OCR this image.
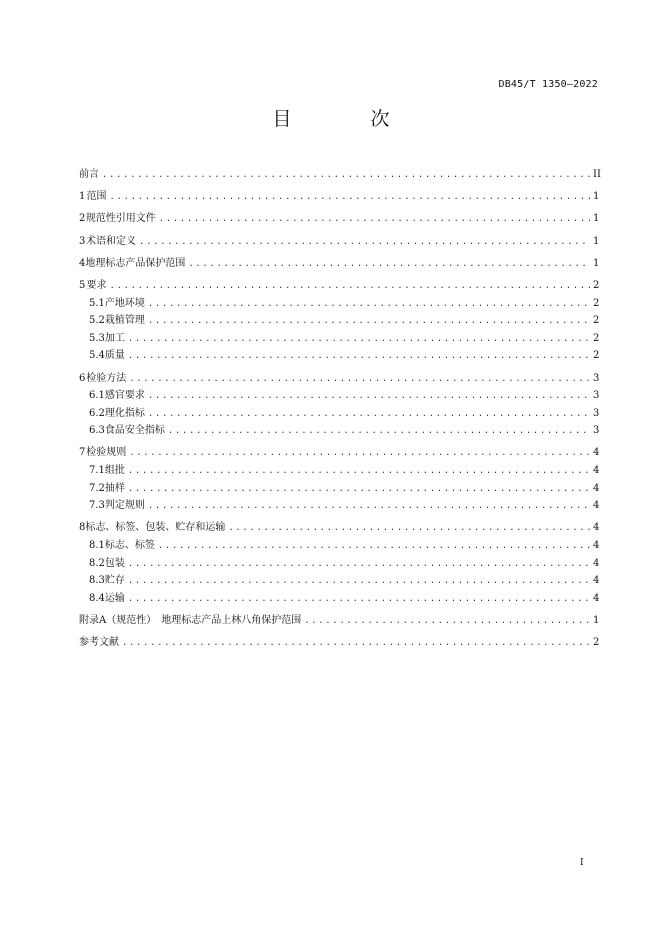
DB45/T 1350—2022
目　次
前言 .....	II
1 范围 .....	1
2 规范性引用文件 .....	1
3 术语和定义 .....	1
4 地理标志产品保护范围 .....	1
5 要求 .....	2
5.1 产地环境 .....	2
5.2 栽植管理 .....	2
5.3 加工 .....	2
5.4 质量 .....	2
6 检验方法 .....	3
6.1 感官要求 .....	3
6.2 理化指标 .....	3
6.3 食品安全指标 .....	3
7 检验规则 .....	4
7.1 组批 .....	4
7.2 抽样 .....	4
7.3 判定规则 .....	4
8 标志、标签、包装、贮存和运输 .....	4
8.1 标志、标签 .....	4
8.2 包装 .....	4
8.3 贮存 .....	4
8.4 运输 .....	4
附录A（规范性）　地理标志产品上林八角保护范围 .....	1
参考文献 .....	2
I
